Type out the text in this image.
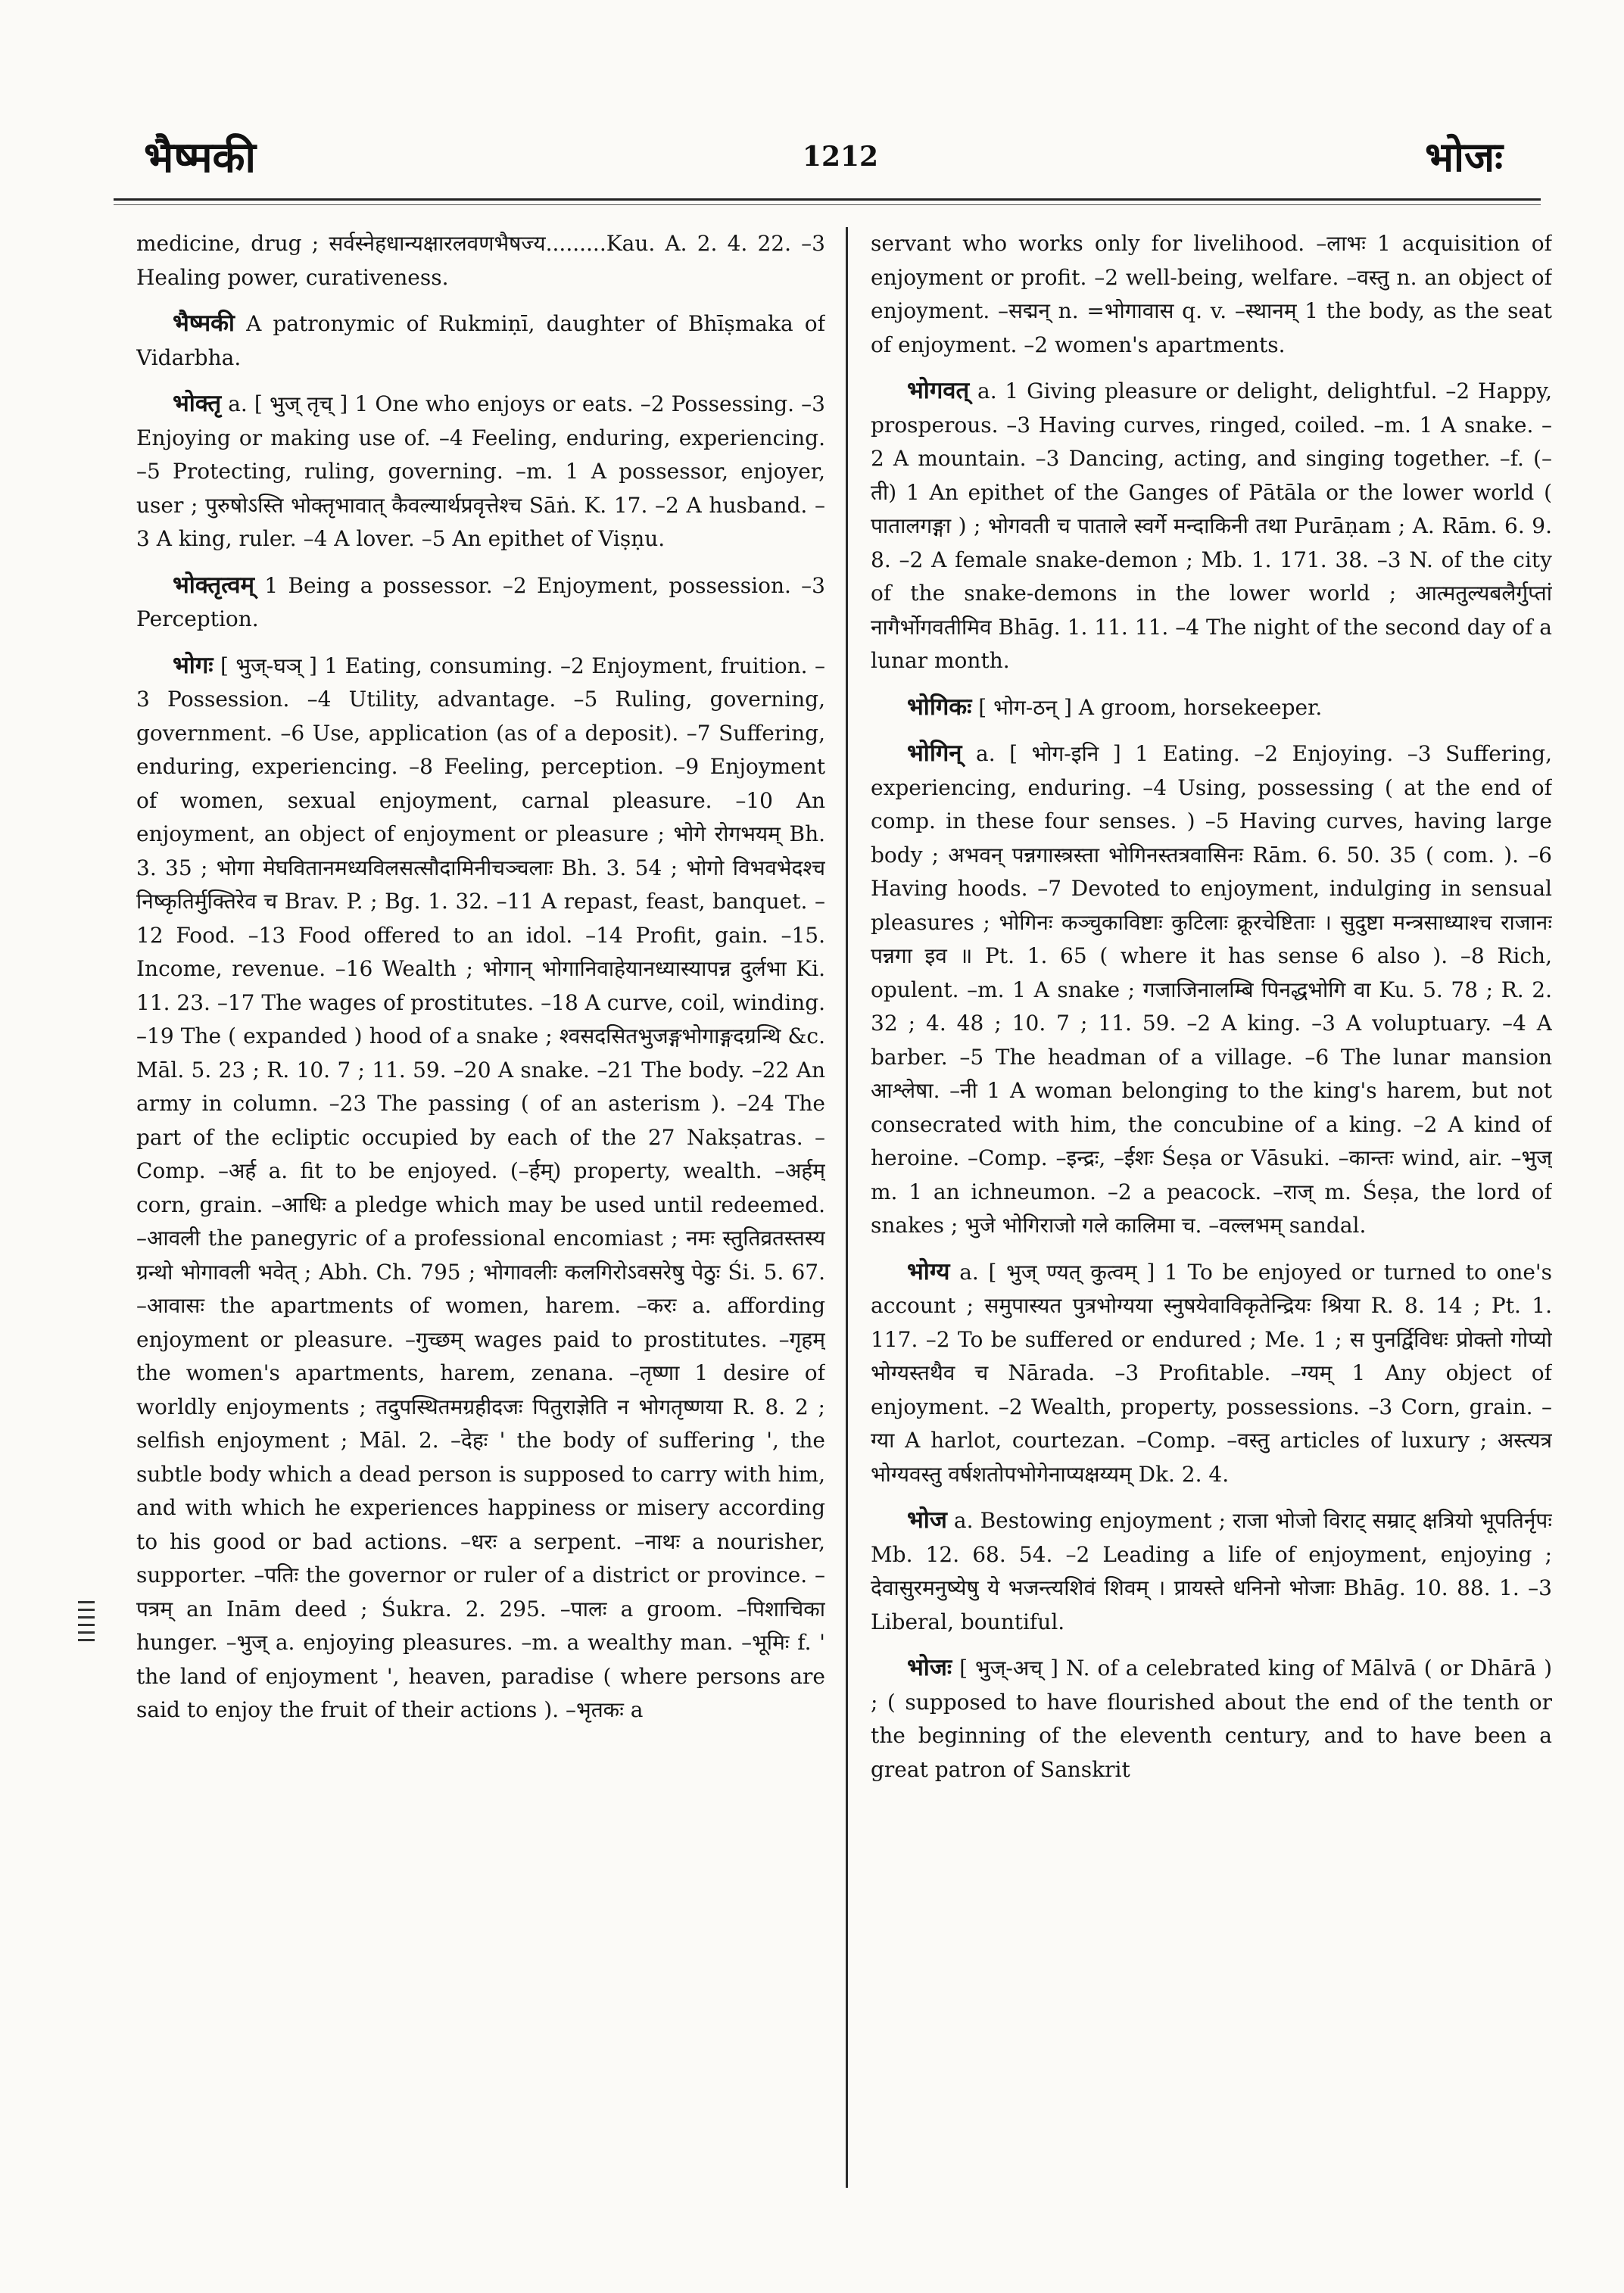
भैष्मकी	1212	भोजः

medicine, drug ; सर्वस्नेहधान्यक्षारलवणभैषज्य.........Kau. A. 2. 4. 22. –3 Healing power, curativeness.

भैष्मकी A patronymic of Rukmiṇī, daughter of Bhīṣmaka of Vidarbha.

भोक्तृ a. [ भुज् तृच् ] 1 One who enjoys or eats. –2 Possessing. –3 Enjoying or making use of. –4 Feeling, enduring, experiencing. –5 Protecting, ruling, governing. –m. 1 A possessor, enjoyer, user ; पुरुषोऽस्ति भोक्तृभावात् कैवल्यार्थप्रवृत्तेश्च Sāṅ. K. 17. –2 A husband. –3 A king, ruler. –4 A lover. –5 An epithet of Viṣṇu.

भोक्तृत्वम् 1 Being a possessor. –2 Enjoyment, possession. –3 Perception.

भोगः [ भुज्-घञ् ] 1 Eating, consuming. –2 Enjoyment, fruition. –3 Possession. –4 Utility, advantage. –5 Ruling, governing, government. –6 Use, application (as of a deposit). –7 Suffering, enduring, experiencing. –8 Feeling, perception. –9 Enjoyment of women, sexual enjoyment, carnal pleasure. –10 An enjoyment, an object of enjoyment or pleasure ; भोगे रोगभयम् Bh. 3. 35 ; भोगा मेघवितानमध्यविलसत्सौदामिनीचञ्चलाः Bh. 3. 54 ; भोगो विभवभेदश्च निष्कृतिर्मुक्तिरेव च Brav. P. ; Bg. 1. 32. –11 A repast, feast, banquet. –12 Food. –13 Food offered to an idol. –14 Profit, gain. –15. Income, revenue. –16 Wealth ; भोगान् भोगानिवाहेयानध्यास्यापन्न दुर्लभा Ki. 11. 23. –17 The wages of prostitutes. –18 A curve, coil, winding. –19 The ( expanded ) hood of a snake ; श्वसदसितभुजङ्गभोगाङ्गदग्रन्थि &c. Māl. 5. 23 ; R. 10. 7 ; 11. 59. –20 A snake. –21 The body. –22 An army in column. –23 The passing ( of an asterism ). –24 The part of the ecliptic occupied by each of the 27 Nakṣatras. –Comp. –अर्ह a. fit to be enjoyed. (–र्हम्) property, wealth. –अर्हम् corn, grain. –आधिः a pledge which may be used until redeemed. –आवली the panegyric of a professional encomiast ; नमः स्तुतिव्रतस्तस्य ग्रन्थो भोगावली भवेत् ; Abh. Ch. 795 ; भोगावलीः कलगिरोऽवसरेषु पेठुः Śi. 5. 67. –आवासः the apartments of women, harem. –करः a. affording enjoyment or pleasure. –गुच्छम् wages paid to prostitutes. –गृहम् the women's apartments, harem, zenana. –तृष्णा 1 desire of worldly enjoyments ; तदुपस्थितमग्रहीदजः पितुराज्ञेति न भोगतृष्णया R. 8. 2 ; selfish enjoyment ; Māl. 2. –देहः ' the body of suffering ', the subtle body which a dead person is supposed to carry with him, and with which he experiences happiness or misery according to his good or bad actions. –धरः a serpent. –नाथः a nourisher, supporter. –पतिः the governor or ruler of a district or province. –पत्रम् an Inām deed ; Śukra. 2. 295. –पालः a groom. –पिशाचिका hunger. –भुज् a. enjoying pleasures. –m. a wealthy man. –भूमिः f. ' the land of enjoyment ', heaven, paradise ( where persons are said to enjoy the fruit of their actions ). –भृतकः a

servant who works only for livelihood. –लाभः 1 acquisition of enjoyment or profit. –2 well-being, welfare. –वस्तु n. an object of enjoyment. –सद्मन् n. =भोगावास q. v. –स्थानम् 1 the body, as the seat of enjoyment. –2 women's apartments.

भोगवत् a. 1 Giving pleasure or delight, delightful. –2 Happy, prosperous. –3 Having curves, ringed, coiled. –m. 1 A snake. –2 A mountain. –3 Dancing, acting, and singing together. –f. (–ती) 1 An epithet of the Ganges of Pātāla or the lower world ( पातालगङ्गा ) ; भोगवती च पाताले स्वर्गे मन्दाकिनी तथा Purāṇam ; A. Rām. 6. 9. 8. –2 A female snake-demon ; Mb. 1. 171. 38. –3 N. of the city of the snake-demons in the lower world ; आत्मतुल्यबलैर्गुप्तां नागैर्भोगवतीमिव Bhāg. 1. 11. 11. –4 The night of the second day of a lunar month.

भोगिकः [ भोग-ठन् ] A groom, horsekeeper.

भोगिन् a. [ भोग-इनि ] 1 Eating. –2 Enjoying. –3 Suffering, experiencing, enduring. –4 Using, possessing ( at the end of comp. in these four senses. ) –5 Having curves, having large body ; अभवन् पन्नगास्त्रस्ता भोगिनस्तत्रवासिनः Rām. 6. 50. 35 ( com. ). –6 Having hoods. –7 Devoted to enjoyment, indulging in sensual pleasures ; भोगिनः कञ्चुकाविष्टाः कुटिलाः क्रूरचेष्टिताः । सुदुष्टा मन्त्रसाध्याश्च राजानः पन्नगा इव ॥ Pt. 1. 65 ( where it has sense 6 also ). –8 Rich, opulent. –m. 1 A snake ; गजाजिनालम्बि पिनद्धभोगि वा Ku. 5. 78 ; R. 2. 32 ; 4. 48 ; 10. 7 ; 11. 59. –2 A king. –3 A voluptuary. –4 A barber. –5 The headman of a village. –6 The lunar mansion आश्लेषा. –नी 1 A woman belonging to the king's harem, but not consecrated with him, the concubine of a king. –2 A kind of heroine. –Comp. –इन्द्रः, –ईशः Śeṣa or Vāsuki. –कान्तः wind, air. –भुज् m. 1 an ichneumon. –2 a peacock. –राज् m. Śeṣa, the lord of snakes ; भुजे भोगिराजो गले कालिमा च. –वल्लभम् sandal.

भोग्य a. [ भुज् ण्यत् कुत्वम् ] 1 To be enjoyed or turned to one's account ; समुपास्यत पुत्रभोग्यया स्नुषयेवाविकृतेन्द्रियः श्रिया R. 8. 14 ; Pt. 1. 117. –2 To be suffered or endured ; Me. 1 ; स पुनर्द्विविधः प्रोक्तो गोप्यो भोग्यस्तथैव च Nārada. –3 Profitable. –ग्यम् 1 Any object of enjoyment. –2 Wealth, property, possessions. –3 Corn, grain. –ग्या A harlot, courtezan. –Comp. –वस्तु articles of luxury ; अस्त्यत्र भोग्यवस्तु वर्षशतोपभोगेनाप्यक्षय्यम् Dk. 2. 4.

भोज a. Bestowing enjoyment ; राजा भोजो विराट् सम्राट् क्षत्रियो भूपतिर्नृपः Mb. 12. 68. 54. –2 Leading a life of enjoyment, enjoying ; देवासुरमनुष्येषु ये भजन्त्यशिवं शिवम् । प्रायस्ते धनिनो भोजाः Bhāg. 10. 88. 1. –3 Liberal, bountiful.

भोजः [ भुज्-अच् ] N. of a celebrated king of Mālvā ( or Dhārā ) ; ( supposed to have flourished about the end of the tenth or the beginning of the eleventh century, and to have been a great patron of Sanskrit
